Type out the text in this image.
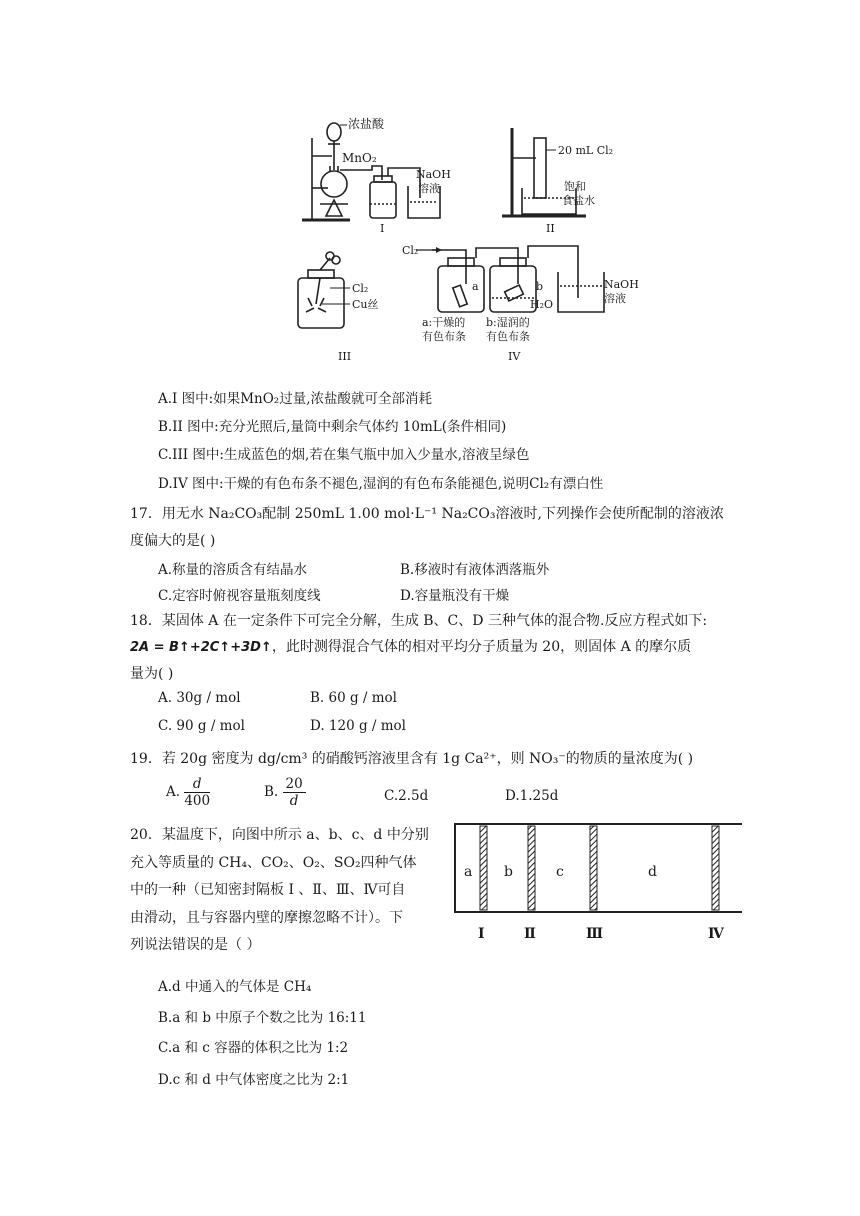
浓盐酸
MnO₂
NaOH
溶液
I
20 mL Cl₂
饱和
食盐水
II
Cl₂
Cu丝
III
Cl₂
a	b
H₂O
NaOH
溶液
a:干燥的
有色布条
b:湿润的
有色布条
IV
A.I 图中:如果MnO₂过量,浓盐酸就可全部消耗
B.II 图中:充分光照后,量筒中剩余气体约 10mL(条件相同)
C.III 图中:生成蓝色的烟,若在集气瓶中加入少量水,溶液呈绿色
D.IV 图中:干燥的有色布条不褪色,湿润的有色布条能褪色,说明Cl₂有漂白性
17．用无水 Na₂CO₃配制 250mL 1.00 mol·L⁻¹ Na₂CO₃溶液时,下列操作会使所配制的溶液浓
度偏大的是( )
A.称量的溶质含有结晶水	B.移液时有液体洒落瓶外
C.定容时俯视容量瓶刻度线	D.容量瓶没有干燥
18．某固体 A 在一定条件下可完全分解，生成 B、C、D 三种气体的混合物.反应方程式如下:
2A = B↑+2C↑+3D↑，此时测得混合气体的相对平均分子质量为 20，则固体 A 的摩尔质
量为( )
A. 30g / mol	B. 60 g / mol
C. 90 g / mol	D. 120 g / mol
19．若 20g 密度为 dg/cm³ 的硝酸钙溶液里含有 1g Ca²⁺，则 NO₃⁻的物质的量浓度为( )
A. $\frac{d}{400}$	B. $\frac{20}{d}$	C.2.5d	D.1.25d
20．某温度下，向图中所示 a、b、c、d 中分别
充入等质量的 CH₄、CO₂、O₂、SO₂四种气体
中的一种（已知密封隔板 Ⅰ 、Ⅱ、Ⅲ、Ⅳ可自
由滑动，且与容器内壁的摩擦忽略不计）。下
列说法错误的是（ ）
A.d 中通入的气体是 CH₄
B.a 和 b 中原子个数之比为 16:11
C.a 和 c 容器的体积之比为 1:2
D.c 和 d 中气体密度之比为 2:1
a b	c	d
Ⅰ	Ⅱ	Ⅲ	Ⅳ
